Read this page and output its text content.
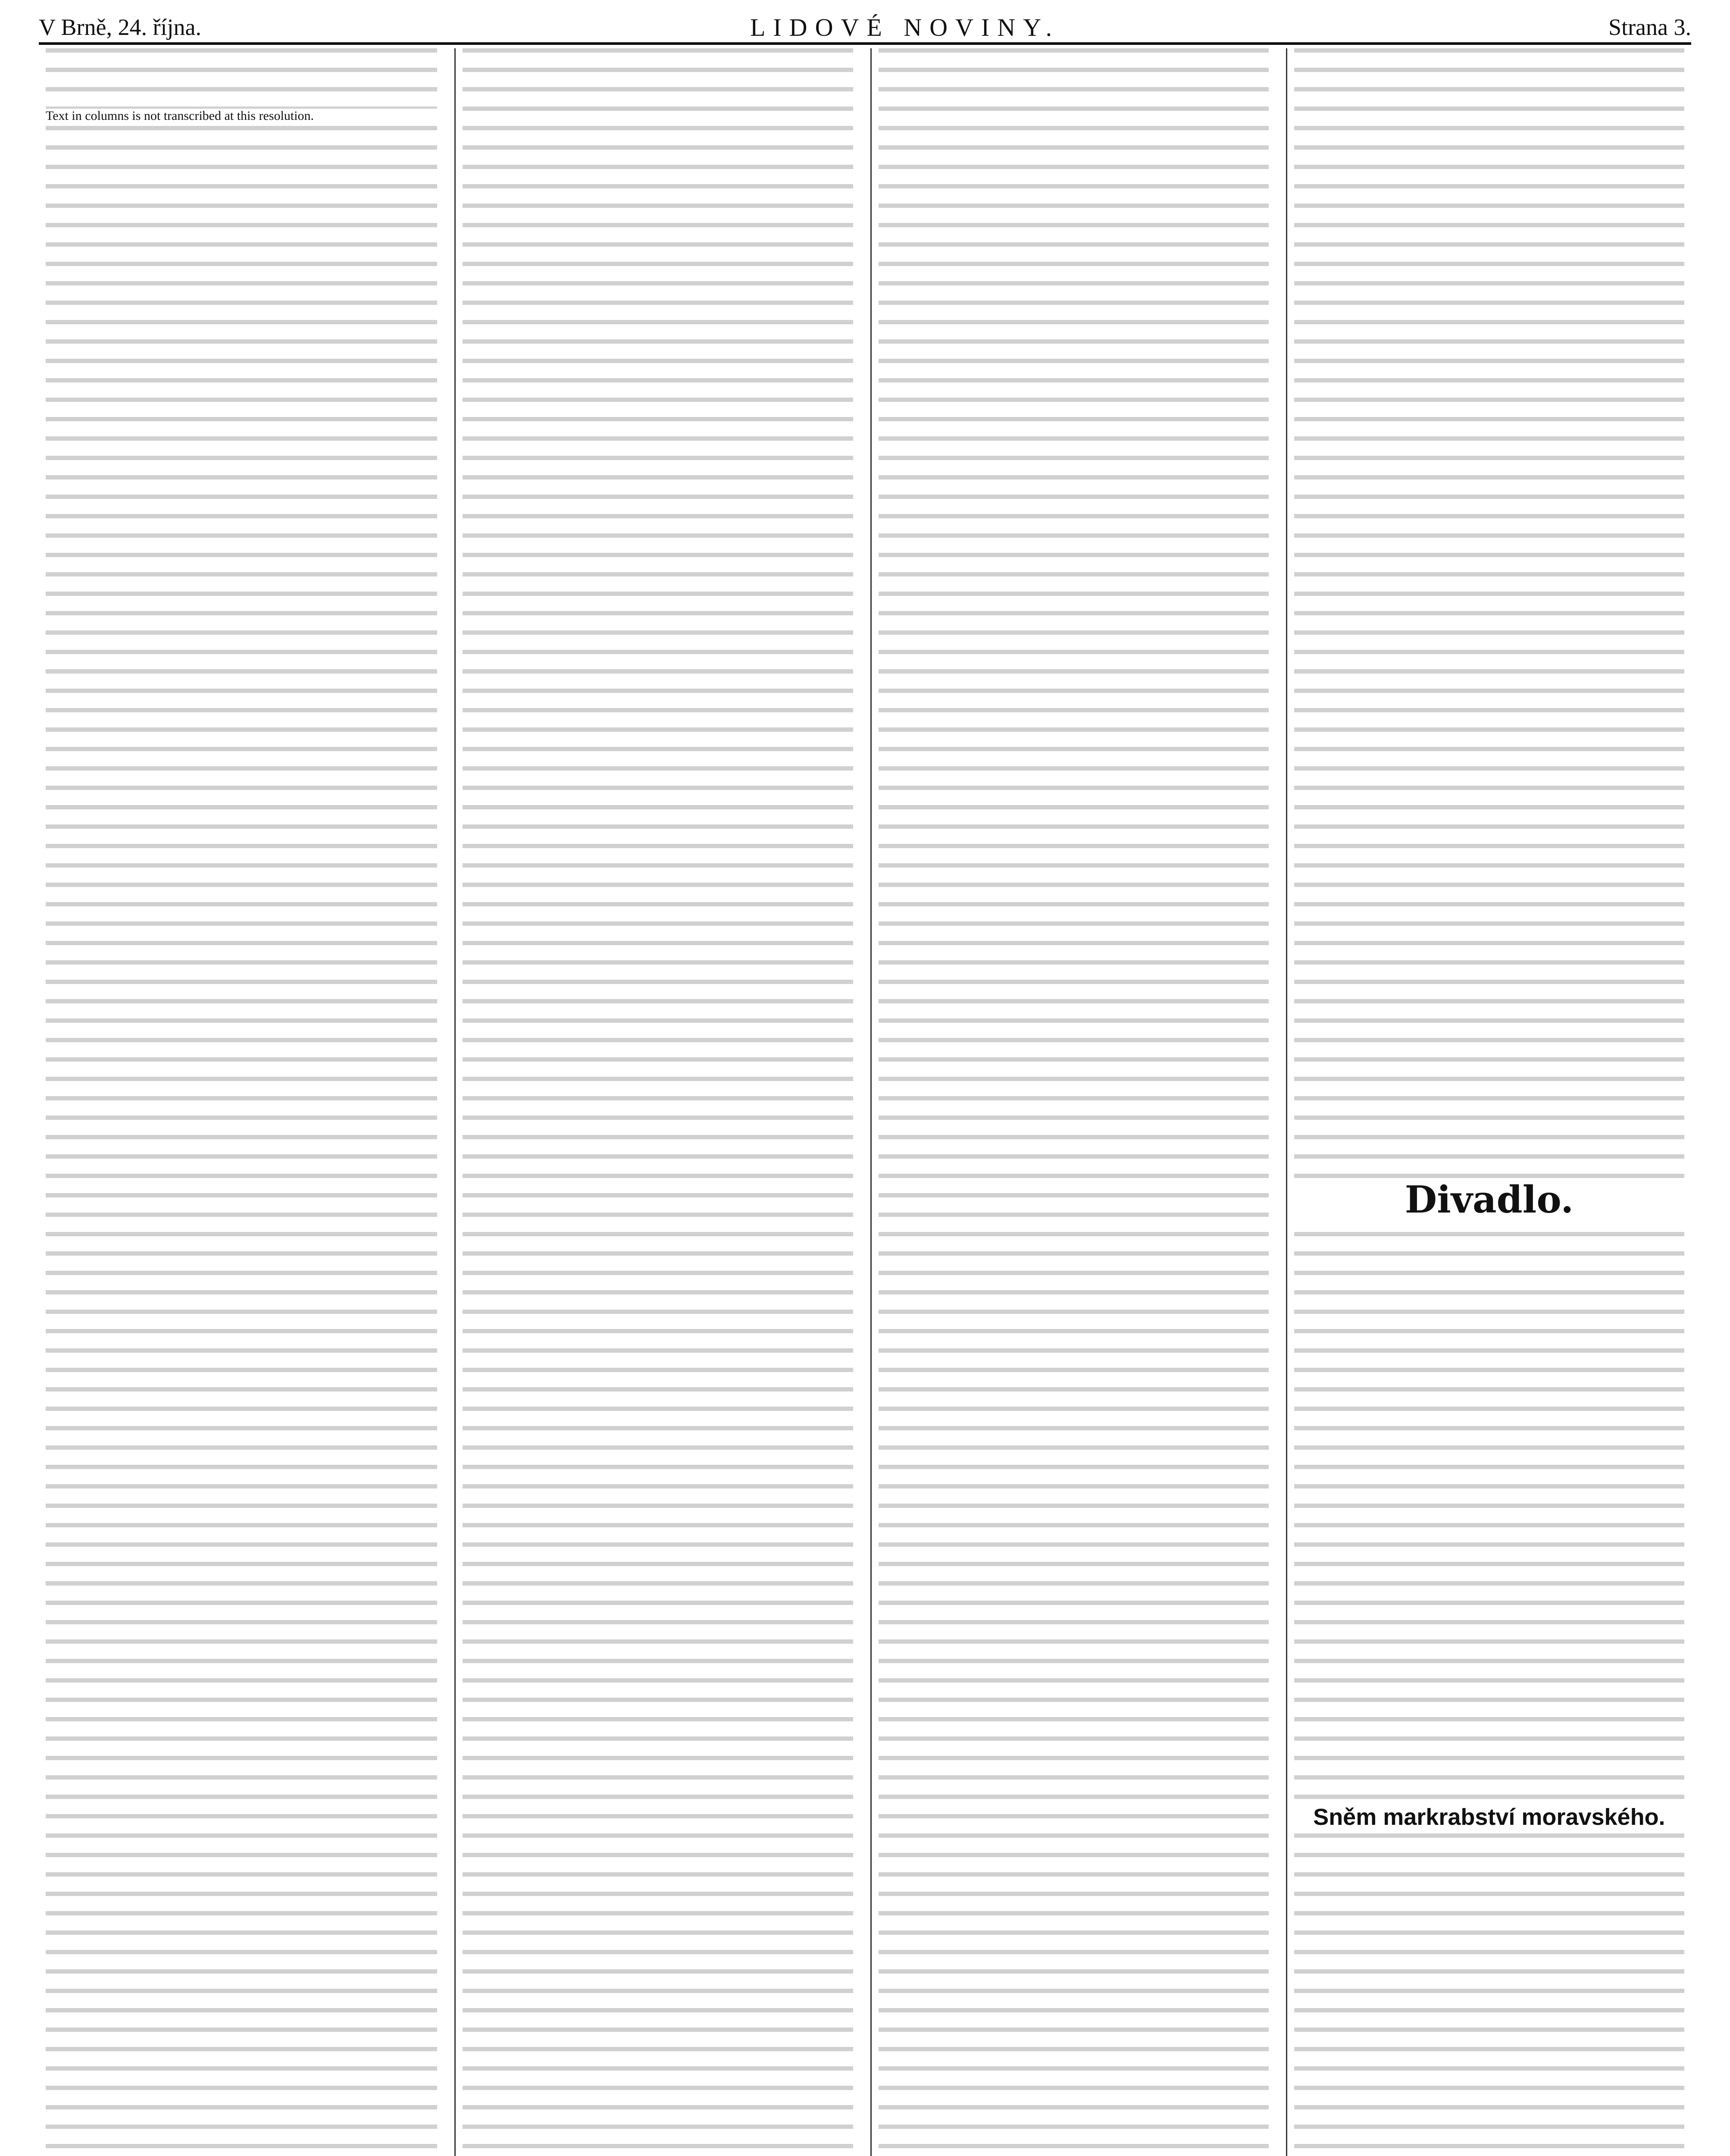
V Brně, 24. října.	LIDOVÉ NOVINY.	Strana 3.
Text in columns is not transcribed at this resolution.
Divadlo.
Sněm markrabství moravského.
